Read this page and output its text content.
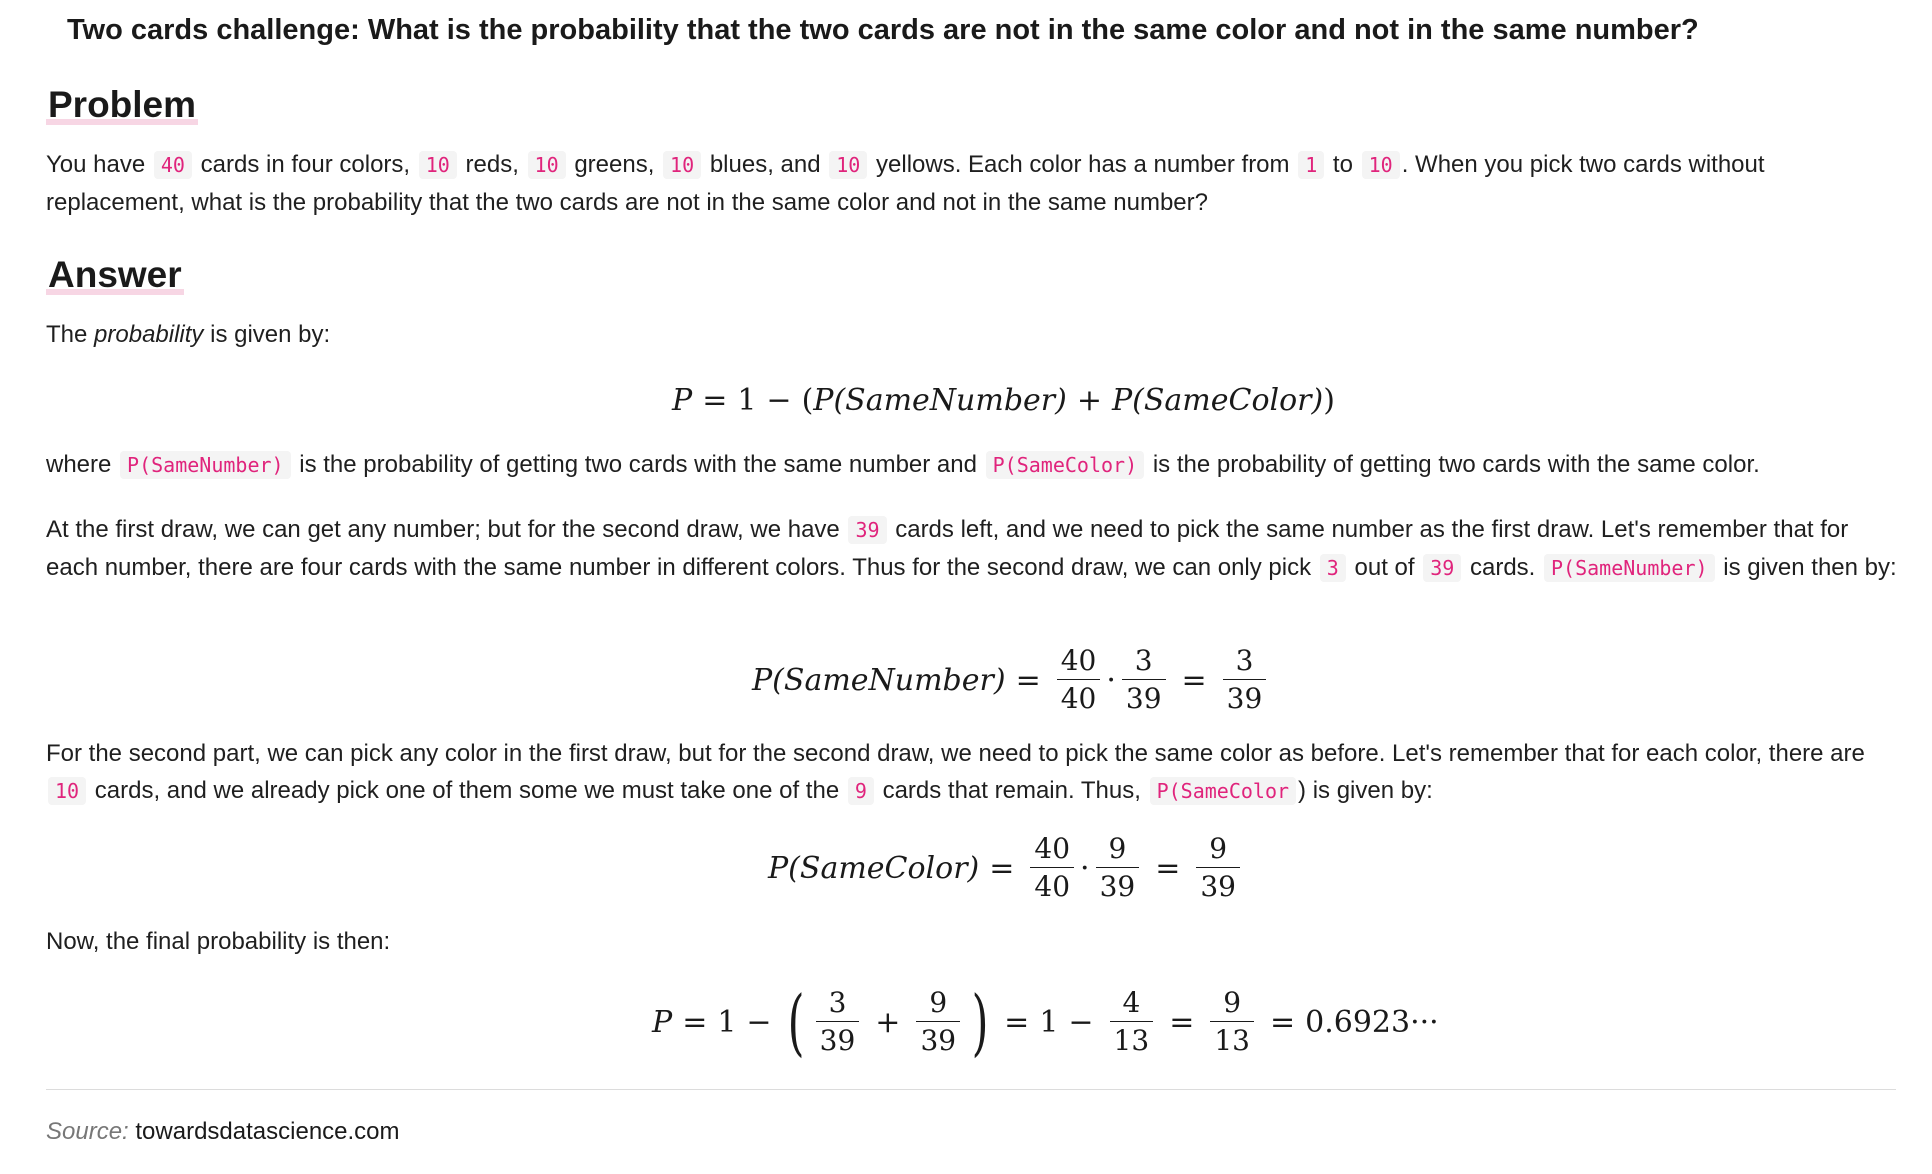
Two cards challenge: What is the probability that the two cards are not in the same color and not in the same number?
Problem
You have 40 cards in four colors, 10 reds, 10 greens, 10 blues, and 10 yellows. Each color has a number from 1 to 10 . When you pick two cards without replacement, what is the probability that the two cards are not in the same color and not in the same number?
Answer
The probability is given by:
P = 1 − ( P(SameNumber) + P(SameColor) )
where P(SameNumber) is the probability of getting two cards with the same number and P(SameColor) is the probability of getting two cards with the same color.
At the first draw, we can get any number; but for the second draw, we have 39 cards left, and we need to pick the same number as the first draw. Let's remember that for each number, there are four cards with the same number in different colors. Thus for the second draw, we can only pick 3 out of 39 cards. P(SameNumber) is given then by:
P(SameNumber) = $\frac{40}{40} \cdot \frac{3}{39} = \frac{3}{39}$
For the second part, we can pick any color in the first draw, but for the second draw, we need to pick the same color as before. Let's remember that for each color, there are 10 cards, and we already pick one of them some we must take one of the 9 cards that remain. Thus, P(SameColor ) is given by:
P(SameColor) = $\frac{40}{40} \cdot \frac{9}{39} = \frac{9}{39}$
Now, the final probability is then:
P = 1 − ( $\frac{3}{39} + \frac{9}{39}$ ) = $1 - \frac{4}{13} = \frac{9}{13} = 0.6923\cdot\cdot\cdot$
Source: towardsdatascience.com
